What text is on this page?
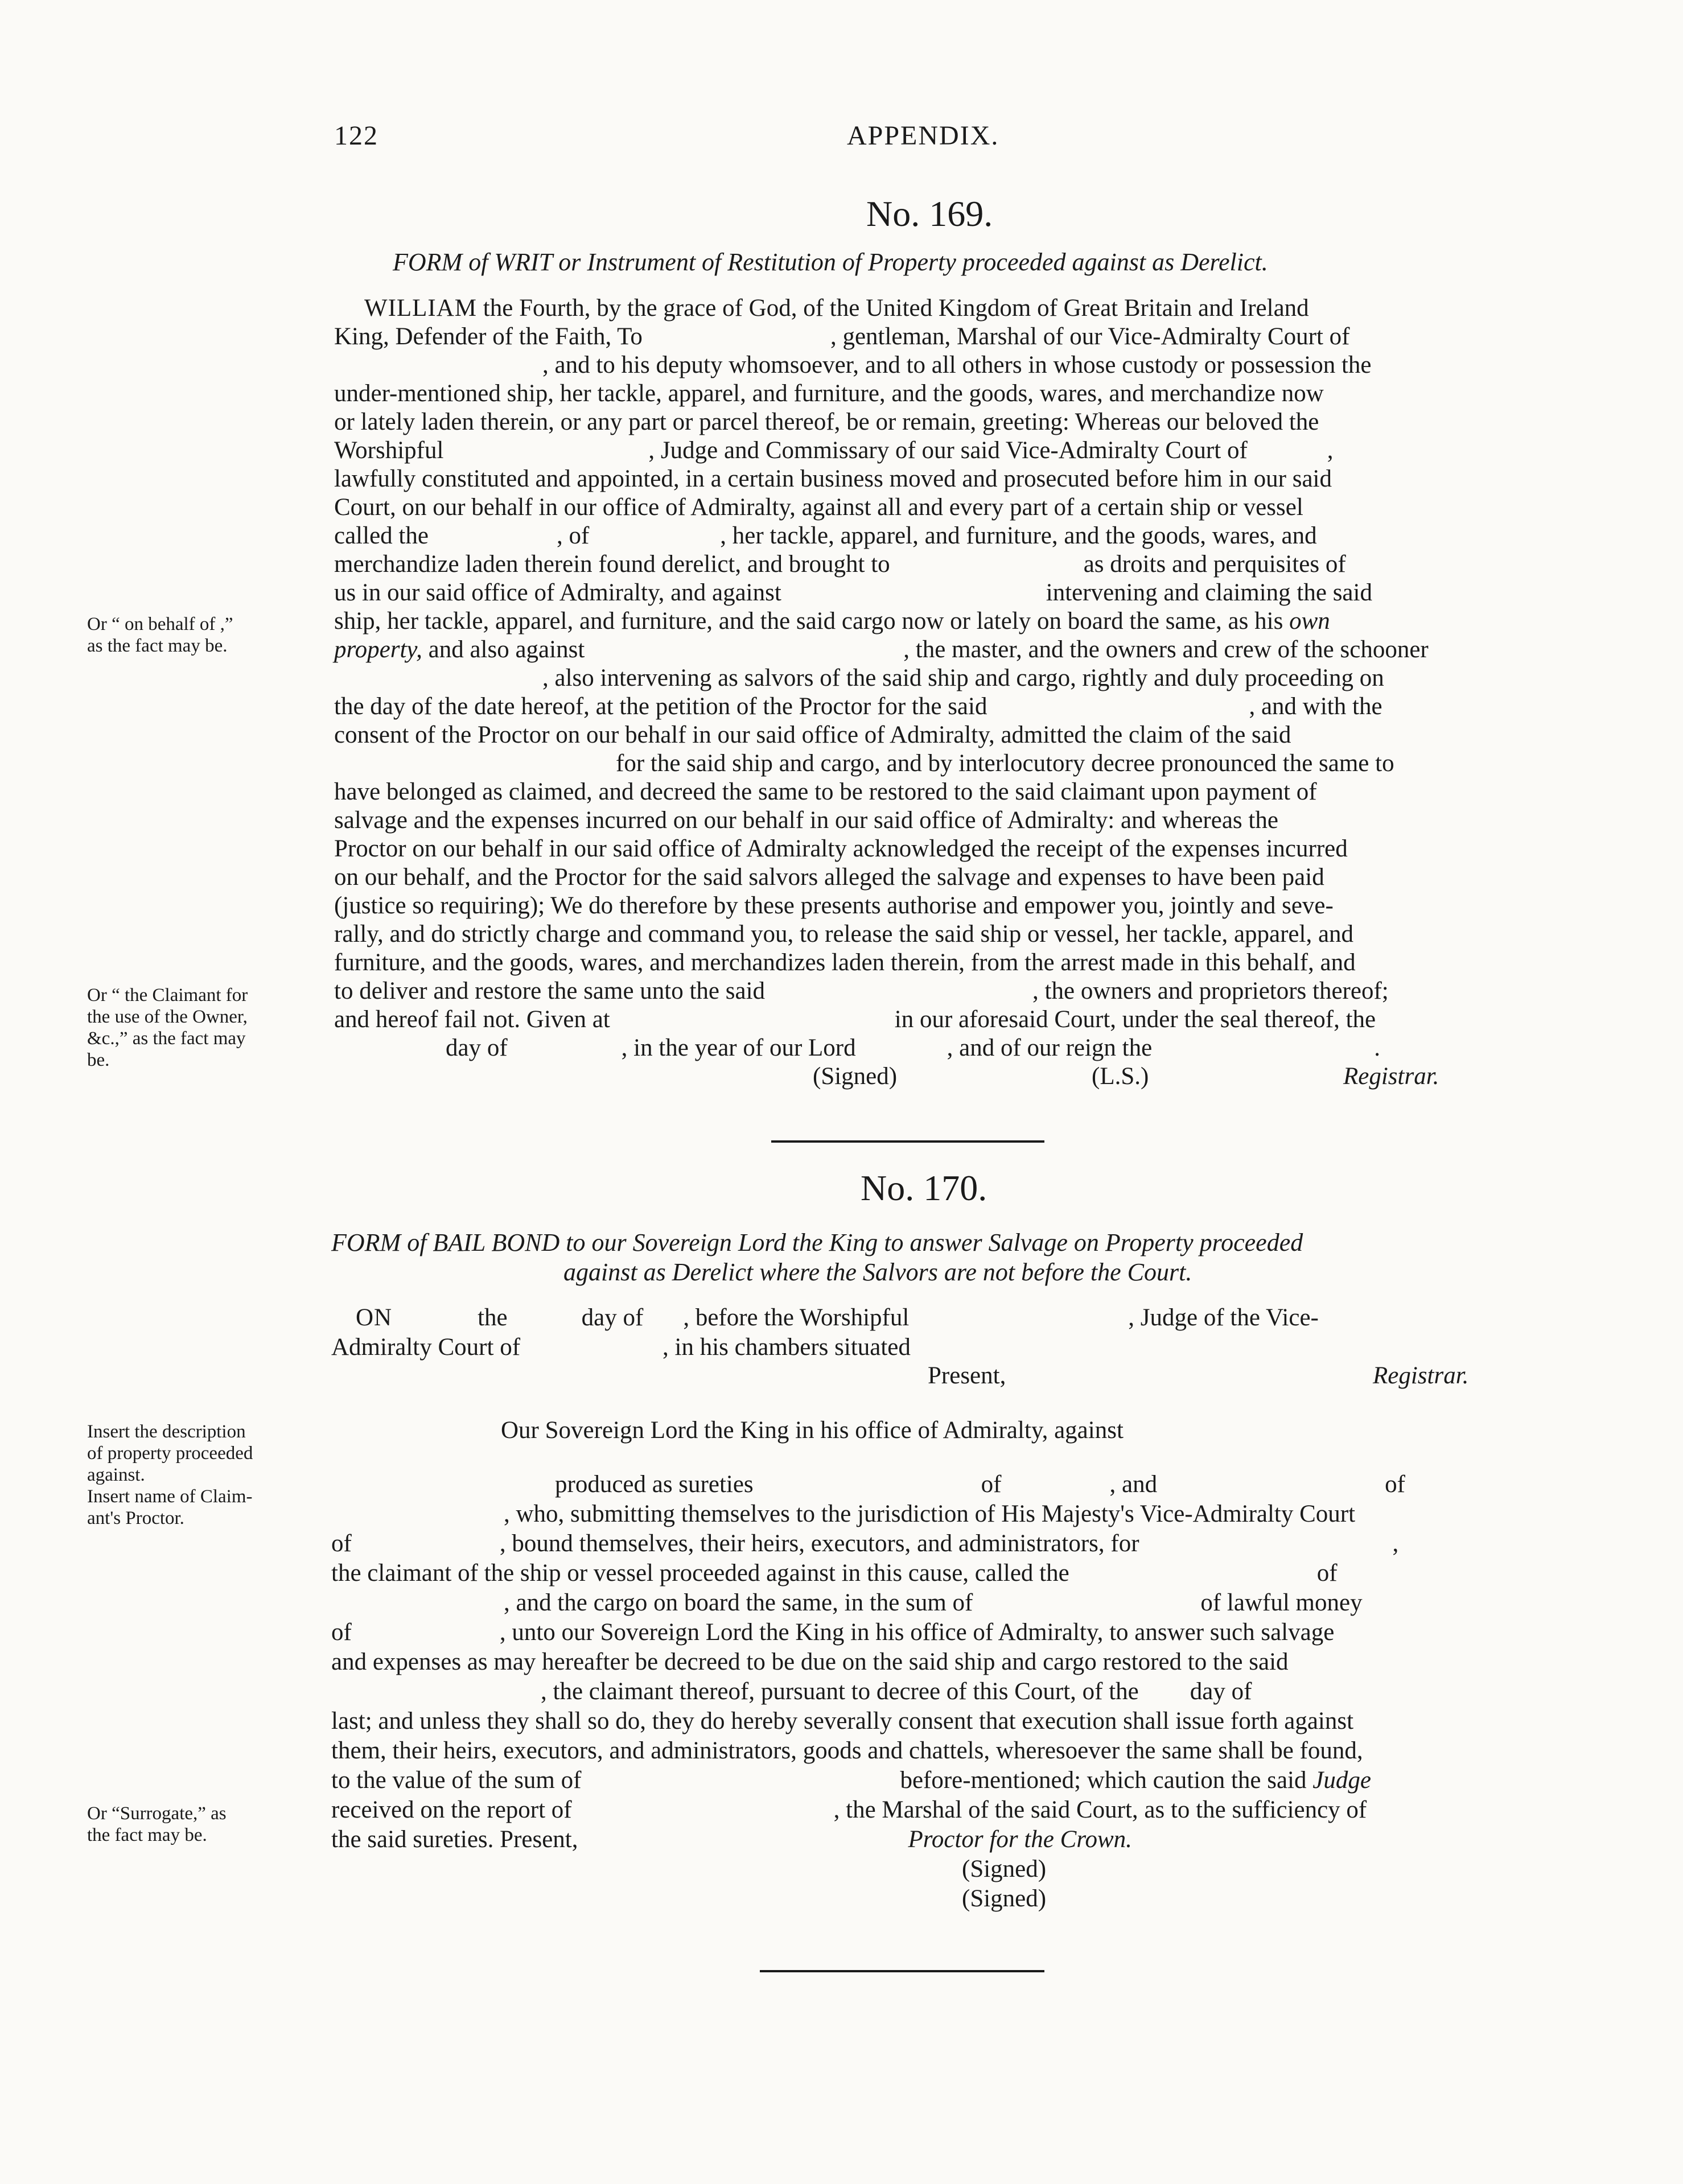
122	APPENDIX.
No. 169.
FORM of WRIT or Instrument of Restitution of Property proceeded against as Derelict.
WILLIAM the Fourth, by the grace of God, of the United Kingdom of Great Britain and Ireland
King, Defender of the Faith, To	, gentleman, Marshal of our Vice-Admiralty Court of
, and to his deputy whomsoever, and to all others in whose custody or possession the
under-mentioned ship, her tackle, apparel, and furniture, and the goods, wares, and merchandize now
or lately laden therein, or any part or parcel thereof, be or remain, greeting: Whereas our beloved the
Worshipful	, Judge and Commissary of our said Vice-Admiralty Court of	,
lawfully constituted and appointed, in a certain business moved and prosecuted before him in our said
Court, on our behalf in our office of Admiralty, against all and every part of a certain ship or vessel
called the	, of	, her tackle, apparel, and furniture, and the goods, wares, and
merchandize laden therein found derelict, and brought to	as droits and perquisites of
us in our said office of Admiralty, and against	intervening and claiming the said
ship, her tackle, apparel, and furniture, and the said cargo now or lately on board the same, as his own
property, and also against	, the master, and the owners and crew of the schooner
, also intervening as salvors of the said ship and cargo, rightly and duly proceeding on
the day of the date hereof, at the petition of the Proctor for the said	, and with the
consent of the Proctor on our behalf in our said office of Admiralty, admitted the claim of the said
for the said ship and cargo, and by interlocutory decree pronounced the same to
have belonged as claimed, and decreed the same to be restored to the said claimant upon payment of
salvage and the expenses incurred on our behalf in our said office of Admiralty: and whereas the
Proctor on our behalf in our said office of Admiralty acknowledged the receipt of the expenses incurred
on our behalf, and the Proctor for the said salvors alleged the salvage and expenses to have been paid
(justice so requiring); We do therefore by these presents authorise and empower you, jointly and seve-
rally, and do strictly charge and command you, to release the said ship or vessel, her tackle, apparel, and
furniture, and the goods, wares, and merchandizes laden therein, from the arrest made in this behalf, and
to deliver and restore the same unto the said	, the owners and proprietors thereof;
and hereof fail not. Given at	in our aforesaid Court, under the seal thereof, the
day of	, in the year of our Lord	, and of our reign the	.
(Signed)	(L.S.)	Registrar.
Or “ on behalf of ,”
as the fact may be.
Or “ the Claimant for
the use of the Owner,
&c.,” as the fact may
be.
No. 170.
FORM of BAIL BOND to our Sovereign Lord the King to answer Salvage on Property proceeded
against as Derelict where the Salvors are not before the Court.
ON	the	day of , before the Worshipful	, Judge of the Vice-
Admiralty Court of	, in his chambers situated
Present,	Registrar.
Our Sovereign Lord the King in his office of Admiralty, against
produced as sureties	of	, and	of
, who, submitting themselves to the jurisdiction of His Majesty's Vice-Admiralty Court
of	, bound themselves, their heirs, executors, and administrators, for	,
the claimant of the ship or vessel proceeded against in this cause, called the	of
, and the cargo on board the same, in the sum of	of lawful money
of	, unto our Sovereign Lord the King in his office of Admiralty, to answer such salvage
and expenses as may hereafter be decreed to be due on the said ship and cargo restored to the said
, the claimant thereof, pursuant to decree of this Court, of the day of
last; and unless they shall so do, they do hereby severally consent that execution shall issue forth against
them, their heirs, executors, and administrators, goods and chattels, wheresoever the same shall be found,
to the value of the sum of	before-mentioned; which caution the said Judge
received on the report of	, the Marshal of the said Court, as to the sufficiency of
the said sureties. Present,	Proctor for the Crown.
(Signed)
(Signed)
Insert the description
of property proceeded
against.
Insert name of Claim-
ant's Proctor.
Or “Surrogate,” as
the fact may be.
